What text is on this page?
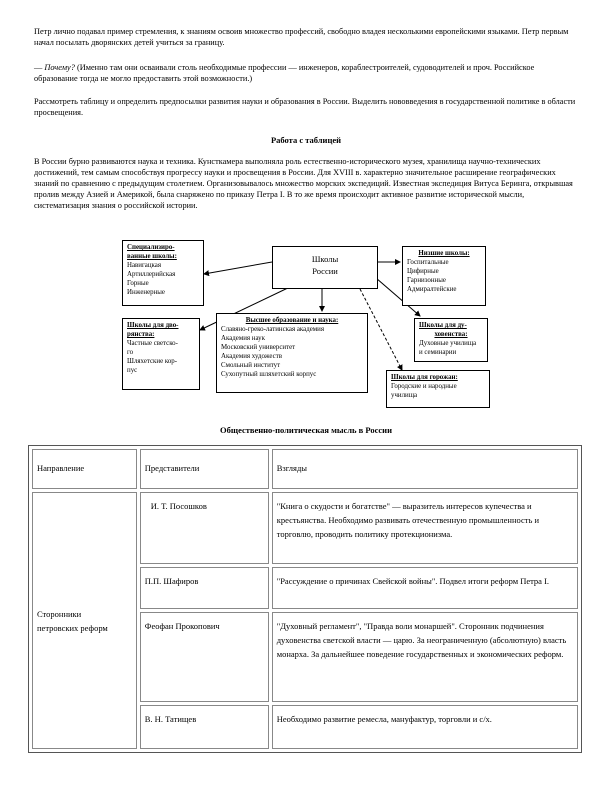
Петр лично подавал пример стремления, к знаниям освоив множество профессий, свободно владея несколькими европейскими языками. Петр первым начал посылать дворянских детей учиться за границу.

— Почему? (Именно там они осваивали столь необходимые профессии — инженеров, кораблестроителей, судоводителей и проч. Российское образование тогда не могло предоставить этой возможности.)

Рассмотреть таблицу и определить предпосылки развития науки и образования в России. Выделить нововведения в государственной политике в области просвещения.

Работа с таблицей

В России бурно развиваются наука и техника. Кунсткамера выполняла роль естественно-исторического музея, хранилища научно-технических достижений, тем самым способствуя прогрессу науки и просвещения в России. Для XVIII в. характерно значительное расширение географических знаний по сравнению с предыдущим столетием. Организовывалось множество морских экспедиций. Известная экспедиция Витуса Беринга, открывшая пролив между Азией и Америкой, была снаряжено по приказу Петра I. В то же время происходит активное развитие исторической мысли, систематизация знания о российской истории.

Школы
России
Специализиро-
ванные школы:
Навигацкая
Артиллерийская
Горные
Инженерные
Низшие школы:
Госпитальные
Цифирные
Гарнизонные
Адмиралтейские
Школы для дво-
рянства:
Частные светско-
го
Шляхетские кор-
пус
Высшее образование и наука:
Славяно-греко-латинская академия
Академия наук
Московский университет
Академия художеств
Смольный институт
Сухопутный шляхетский корпус
Школы для ду-
ховенства:
Духовные училища
и семинарии
Школы для горожан:
Городские и народные
училища
Общественно-политическая мысль в России
Направление	Представители	Взгляды
Сторонники
петровских реформ	И. Т. Посошков	"Книга о скудости и богатстве" — выразитель интересов купечества и крестьянства. Необходимо развивать отечественную промышленность и торговлю, проводить политику протекционизма.
	П.П. Шафиров	"Рассуждение о причинах Свейской войны". Подвел итоги реформ Петра I.
	Феофан Прокопович	"Духовный регламент", "Правда воли монаршей". Сторонник подчинения духовенства светской власти — царю. За неограниченную (абсолютную) власть монарха. За дальнейшее поведение государственных и экономических реформ.
	В. Н. Татищев	Необходимо развитие ремесла, мануфактур, торговли и с/х.
